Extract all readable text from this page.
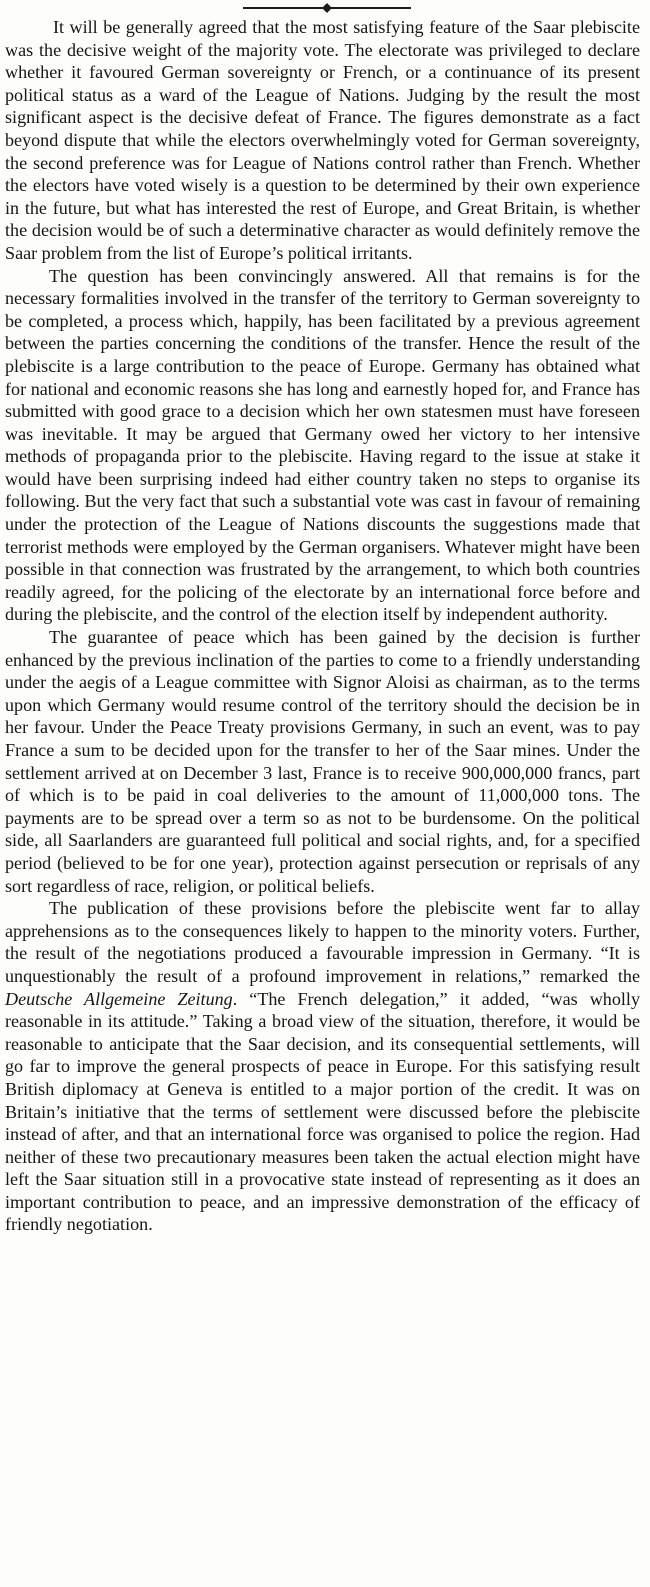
It will be generally agreed that the most satisfying feature of the Saar plebiscite was the decisive weight of the majority vote. The electorate was privileged to declare whether it favoured German sovereignty or French, or a continuance of its present political status as a ward of the League of Nations. Judging by the result the most significant aspect is the decisive defeat of France. The figures demonstrate as a fact beyond dispute that while the electors overwhelmingly voted for German sovereignty, the second preference was for League of Nations control rather than French. Whether the electors have voted wisely is a question to be determined by their own experience in the future, but what has interested the rest of Europe, and Great Britain, is whether the decision would be of such a determinative character as would definitely remove the Saar problem from the list of Europe’s political irritants.

The question has been convincingly answered. All that remains is for the necessary formalities involved in the transfer of the territory to German sovereignty to be completed, a process which, happily, has been facilitated by a previous agreement between the parties concerning the conditions of the transfer. Hence the result of the plebiscite is a large contribution to the peace of Europe. Germany has obtained what for national and economic reasons she has long and earnestly hoped for, and France has submitted with good grace to a decision which her own statesmen must have foreseen was inevitable. It may be argued that Germany owed her victory to her intensive methods of propaganda prior to the plebiscite. Having regard to the issue at stake it would have been surprising indeed had either country taken no steps to organise its following. But the very fact that such a substantial vote was cast in favour of remaining under the protection of the League of Nations discounts the suggestions made that terrorist methods were employed by the German organisers. Whatever might have been possible in that connection was frustrated by the arrangement, to which both countries readily agreed, for the policing of the electorate by an international force before and during the plebiscite, and the control of the election itself by independent authority.

The guarantee of peace which has been gained by the decision is further enhanced by the previous inclination of the parties to come to a friendly understanding under the aegis of a League committee with Signor Aloisi as chairman, as to the terms upon which Germany would resume control of the territory should the decision be in her favour. Under the Peace Treaty provisions Germany, in such an event, was to pay France a sum to be decided upon for the transfer to her of the Saar mines. Under the settlement arrived at on December 3 last, France is to receive 900,000,000 francs, part of which is to be paid in coal deliveries to the amount of 11,000,000 tons. The payments are to be spread over a term so as not to be burdensome. On the political side, all Saarlanders are guaranteed full political and social rights, and, for a specified period (believed to be for one year), protection against persecution or reprisals of any sort regardless of race, religion, or political beliefs.

The publication of these provisions before the plebiscite went far to allay apprehensions as to the consequences likely to happen to the minority voters. Further, the result of the negotiations produced a favourable impression in Germany. “It is unquestionably the result of a profound improvement in relations,” remarked the Deutsche Allgemeine Zeitung. “The French delegation,” it added, “was wholly reasonable in its attitude.” Taking a broad view of the situation, therefore, it would be reasonable to anticipate that the Saar decision, and its consequential settlements, will go far to improve the general prospects of peace in Europe. For this satisfying result British diplomacy at Geneva is entitled to a major portion of the credit. It was on Britain’s initiative that the terms of settlement were discussed before the plebiscite instead of after, and that an international force was organised to police the region. Had neither of these two precautionary measures been taken the actual election might have left the Saar situation still in a provocative state instead of representing as it does an important contribution to peace, and an impressive demonstration of the efficacy of friendly negotiation.
